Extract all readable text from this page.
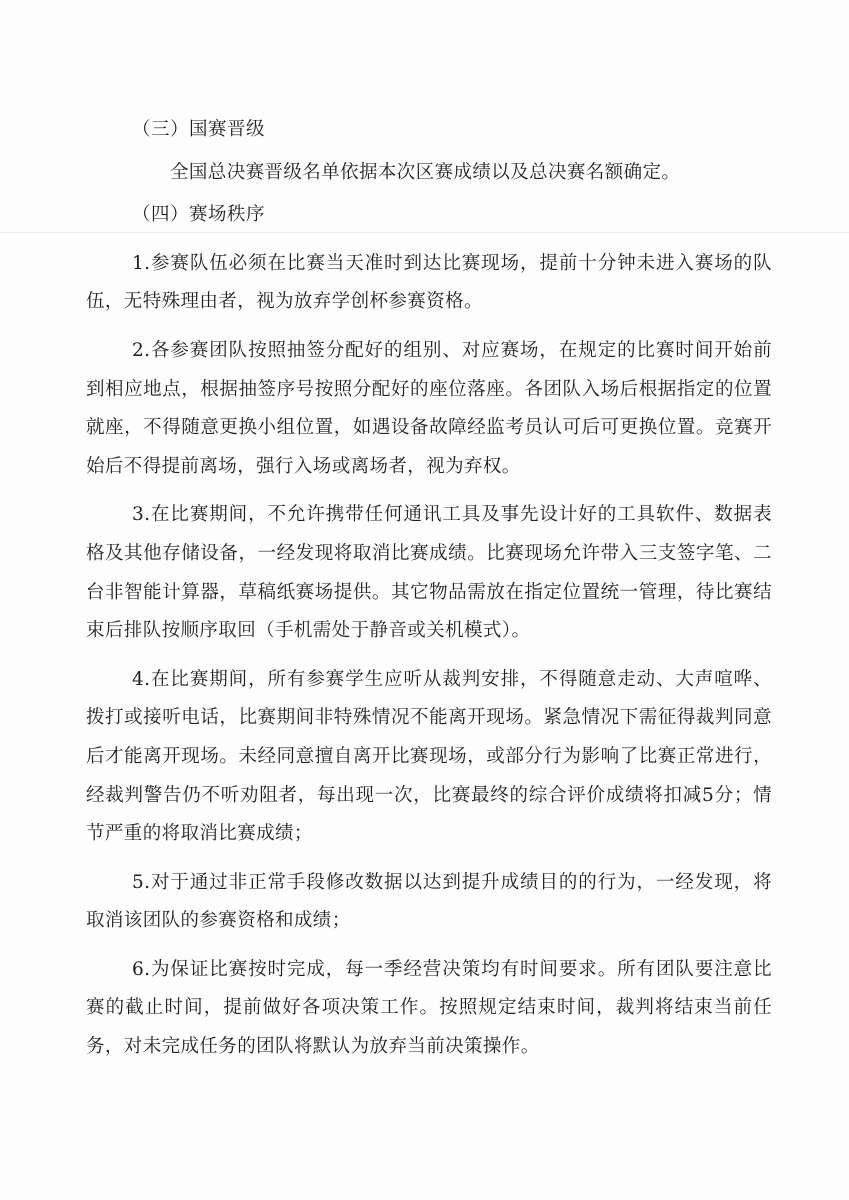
（三）国赛晋级

全国总决赛晋级名单依据本次区赛成绩以及总决赛名额确定。

（四）赛场秩序

1.参赛队伍必须在比赛当天准时到达比赛现场，提前十分钟未进入赛场的队伍，无特殊理由者，视为放弃学创杯参赛资格。

2.各参赛团队按照抽签分配好的组别、对应赛场，在规定的比赛时间开始前到相应地点，根据抽签序号按照分配好的座位落座。各团队入场后根据指定的位置就座，不得随意更换小组位置，如遇设备故障经监考员认可后可更换位置。竞赛开始后不得提前离场，强行入场或离场者，视为弃权。

3.在比赛期间，不允许携带任何通讯工具及事先设计好的工具软件、数据表格及其他存储设备，一经发现将取消比赛成绩。比赛现场允许带入三支签字笔、二台非智能计算器，草稿纸赛场提供。其它物品需放在指定位置统一管理，待比赛结束后排队按顺序取回（手机需处于静音或关机模式）。

4.在比赛期间，所有参赛学生应听从裁判安排，不得随意走动、大声喧哗、拨打或接听电话，比赛期间非特殊情况不能离开现场。紧急情况下需征得裁判同意后才能离开现场。未经同意擅自离开比赛现场，或部分行为影响了比赛正常进行，经裁判警告仍不听劝阻者，每出现一次，比赛最终的综合评价成绩将扣减5分；情节严重的将取消比赛成绩；

5.对于通过非正常手段修改数据以达到提升成绩目的的行为，一经发现，将取消该团队的参赛资格和成绩；

6.为保证比赛按时完成，每一季经营决策均有时间要求。所有团队要注意比赛的截止时间，提前做好各项决策工作。按照规定结束时间，裁判将结束当前任务，对未完成任务的团队将默认为放弃当前决策操作。
